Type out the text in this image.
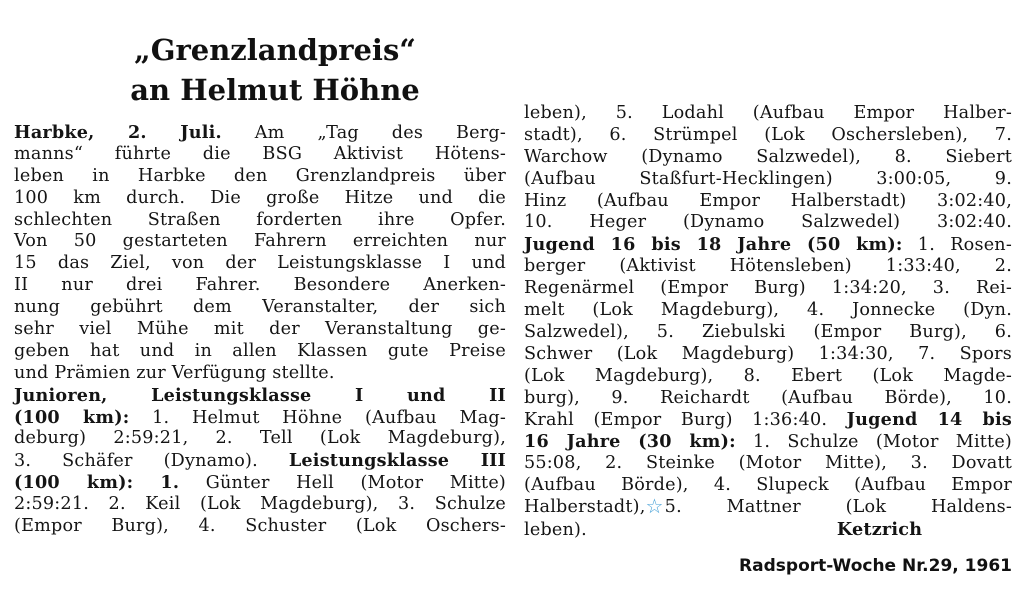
„Grenzlandpreis“
an Helmut Höhne
Harbke, 2. Juli. Am „Tag des Berg-
manns“ führte die BSG Aktivist Hötens-
leben in Harbke den Grenzlandpreis über
100 km durch. Die große Hitze und die
schlechten Straßen forderten ihre Opfer.
Von 50 gestarteten Fahrern erreichten nur
15 das Ziel, von der Leistungsklasse I und
II nur drei Fahrer. Besondere Anerken-
nung gebührt dem Veranstalter, der sich
sehr viel Mühe mit der Veranstaltung ge-
geben hat und in allen Klassen gute Preise
und Prämien zur Verfügung stellte.
Junioren, Leistungsklasse I und II
(100 km): 1. Helmut Höhne (Aufbau Mag-
deburg) 2:59:21, 2. Tell (Lok Magdeburg),
3. Schäfer (Dynamo). Leistungsklasse III
(100 km): 1. Günter Hell (Motor Mitte)
2:59:21. 2. Keil (Lok Magdeburg), 3. Schulze
(Empor Burg), 4. Schuster (Lok Oschers-
leben), 5. Lodahl (Aufbau Empor Halber-
stadt), 6. Strümpel (Lok Oschersleben), 7.
Warchow (Dynamo Salzwedel), 8. Siebert
(Aufbau Staßfurt-Hecklingen) 3:00:05, 9.
Hinz (Aufbau Empor Halberstadt) 3:02:40,
10. Heger (Dynamo Salzwedel) 3:02:40.
Jugend 16 bis 18 Jahre (50 km): 1. Rosen-
berger (Aktivist Hötensleben) 1:33:40, 2.
Regenärmel (Empor Burg) 1:34:20, 3. Rei-
melt (Lok Magdeburg), 4. Jonnecke (Dyn.
Salzwedel), 5. Ziebulski (Empor Burg), 6.
Schwer (Lok Magdeburg) 1:34:30, 7. Spors
(Lok Magdeburg), 8. Ebert (Lok Magde-
burg), 9. Reichardt (Aufbau Börde), 10.
Krahl (Empor Burg) 1:36:40. Jugend 14 bis
16 Jahre (30 km): 1. Schulze (Motor Mitte)
55:08, 2. Steinke (Motor Mitte), 3. Dovatt
(Aufbau Börde), 4. Slupeck (Aufbau Empor
Halberstadt),☆5. Mattner (Lok Haldens-
leben).	Ketzrich
Radsport-Woche Nr.29, 1961
